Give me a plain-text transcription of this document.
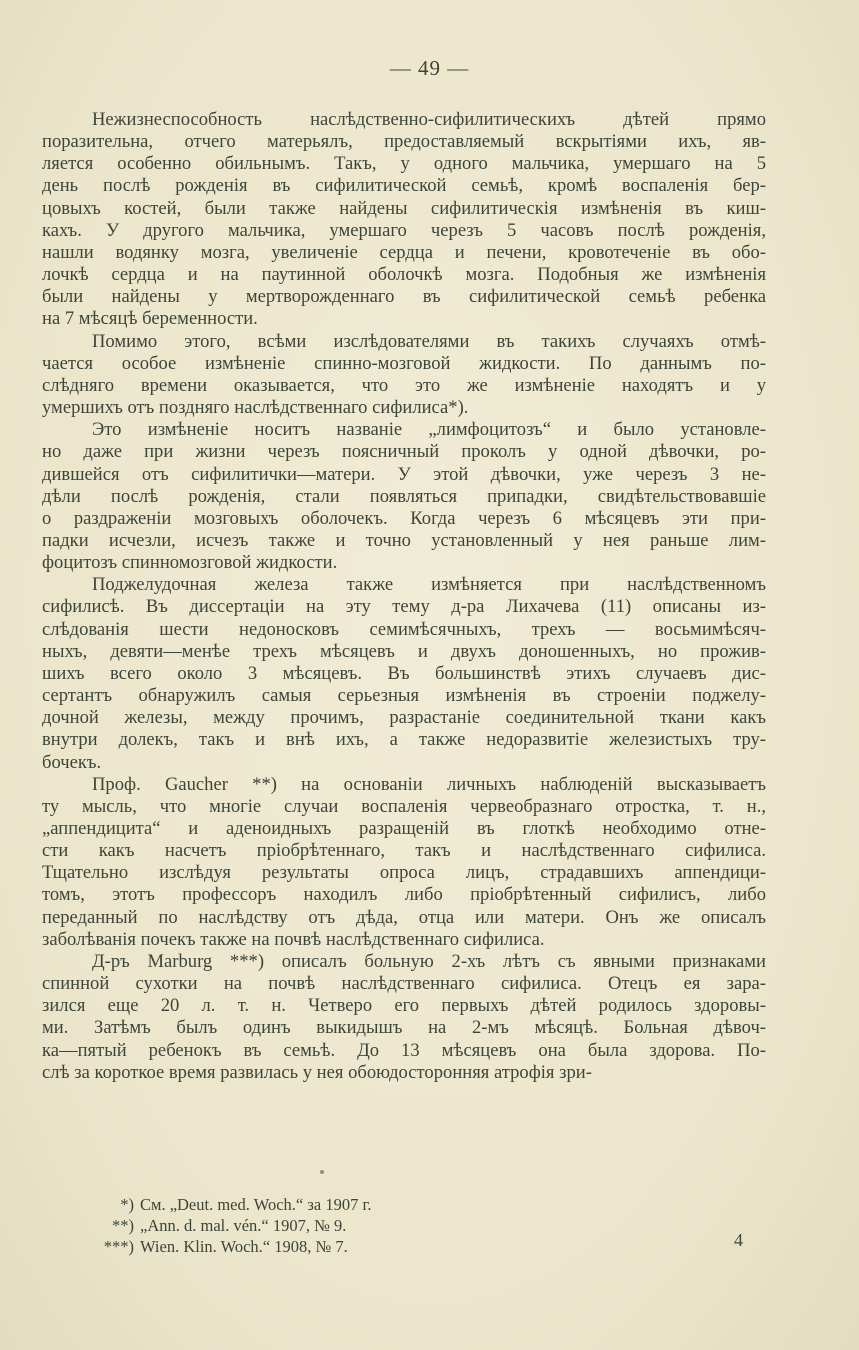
— 49 —
Нежизнеспособность наслѣдственно-сифилитическихъ дѣтей прямо
поразительна, отчего матерьялъ, предоставляемый вскрытіями ихъ, яв-
ляется особенно обильнымъ. Такъ, у одного мальчика, умершаго на 5
день послѣ рожденія въ сифилитической семьѣ, кромѣ воспаленія бер-
цовыхъ костей, были также найдены сифилитическія измѣненія въ киш-
кахъ. У другого мальчика, умершаго черезъ 5 часовъ послѣ рожденія,
нашли водянку мозга, увеличеніе сердца и печени, кровотеченіе въ обо-
лочкѣ сердца и на паутинной оболочкѣ мозга. Подобныя же измѣненія
были найдены у мертворожденнаго въ сифилитической семьѣ ребенка
на 7 мѣсяцѣ беременности.
Помимо этого, всѣми изслѣдователями въ такихъ случаяхъ отмѣ-
чается особое измѣненіе спинно-мозговой жидкости. По даннымъ по-
слѣдняго времени оказывается, что это же измѣненіе находятъ и у
умершихъ отъ поздняго наслѣдственнаго сифилиса*).
Это измѣненіе носитъ названіе „лимфоцитозъ“ и было установле-
но даже при жизни черезъ поясничный проколъ у одной дѣвочки, ро-
дившейся отъ сифилитички—матери. У этой дѣвочки, уже черезъ 3 не-
дѣли послѣ рожденія, стали появляться припадки, свидѣтельствовавшіе
о раздраженіи мозговыхъ оболочекъ. Когда черезъ 6 мѣсяцевъ эти при-
падки исчезли, исчезъ также и точно установленный у нея раньше лим-
фоцитозъ спинномозговой жидкости.
Поджелудочная железа также измѣняется при наслѣдственномъ
сифилисѣ. Въ диссертаціи на эту тему д-ра Лихачева (11) описаны из-
слѣдованія шести недоносковъ семимѣсячныхъ, трехъ — восьмимѣсяч-
ныхъ, девяти—менѣе трехъ мѣсяцевъ и двухъ доношенныхъ, но прожив-
шихъ всего около 3 мѣсяцевъ. Въ большинствѣ этихъ случаевъ дис-
сертантъ обнаружилъ самыя серьезныя измѣненія въ строеніи поджелу-
дочной железы, между прочимъ, разрастаніе соединительной ткани какъ
внутри долекъ, такъ и внѣ ихъ, а также недоразвитіе железистыхъ тру-
бочекъ.
Проф. Gaucher **) на основаніи личныхъ наблюденій высказываетъ
ту мысль, что многіе случаи воспаленія червеобразнаго отростка, т. н.,
„аппендицита“ и аденоидныхъ разращеній въ глоткѣ необходимо отне-
сти какъ насчетъ пріобрѣтеннаго, такъ и наслѣдственнаго сифилиса.
Тщательно изслѣдуя результаты опроса лицъ, страдавшихъ аппендици-
томъ, этотъ профессоръ находилъ либо пріобрѣтенный сифилисъ, либо
переданный по наслѣдству отъ дѣда, отца или матери. Онъ же описалъ
заболѣванія почекъ также на почвѣ наслѣдственнаго сифилиса.
Д-ръ Marburg ***) описалъ больную 2-хъ лѣтъ съ явными признаками
спинной сухотки на почвѣ наслѣдственнаго сифилиса. Отецъ ея зара-
зился еще 20 л. т. н. Четверо его первыхъ дѣтей родилось здоровы-
ми. Затѣмъ былъ одинъ выкидышъ на 2-мъ мѣсяцѣ. Больная дѣвоч-
ка—пятый ребенокъ въ семьѣ. До 13 мѣсяцевъ она была здорова. По-
слѣ за короткое время развилась у нея обоюдосторонняя атрофія зри-
*) См. „Deut. med. Woch.“ за 1907 г.
**) „Ann. d. mal. vén.“ 1907, № 9.
***) Wien. Klin. Woch.“ 1908, № 7.	4
